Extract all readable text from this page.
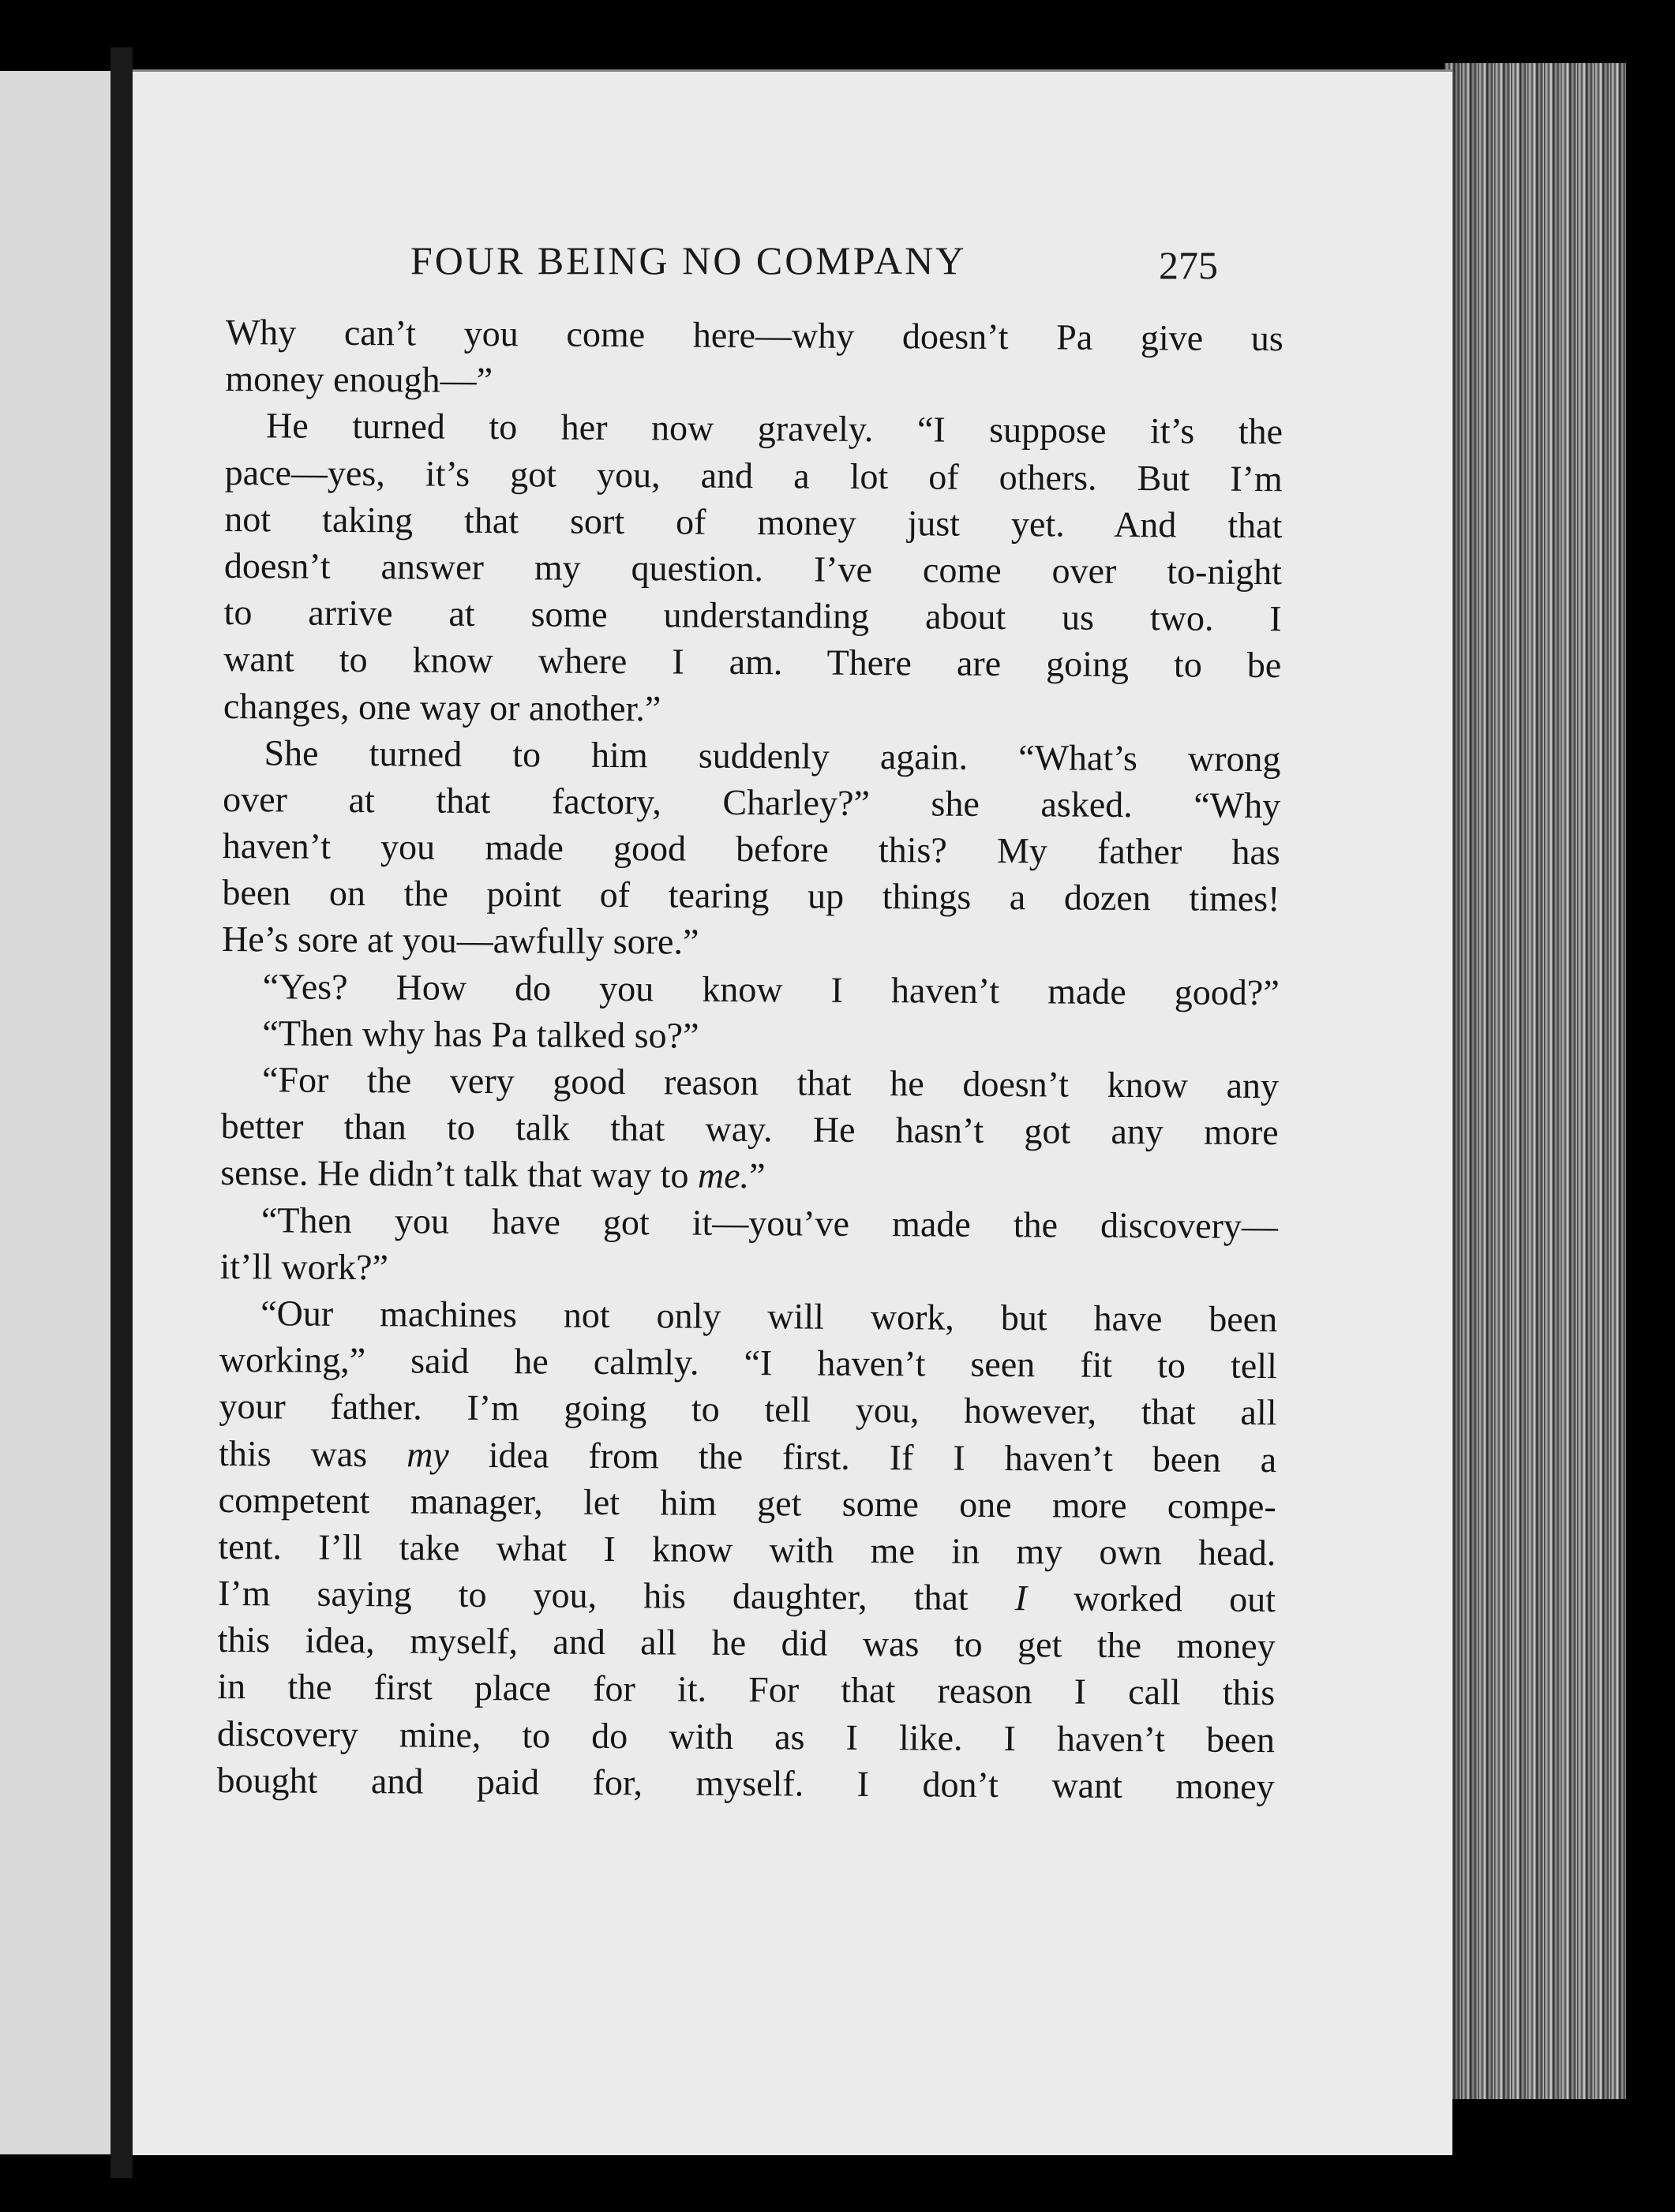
FOUR BEING NO COMPANY	275
Why can’t you come here—why doesn’t Pa give us
money enough—”
He turned to her now gravely. “I suppose it’s the
pace—yes, it’s got you, and a lot of others. But I’m
not taking that sort of money just yet. And that
doesn’t answer my question. I’ve come over to-night
to arrive at some understanding about us two. I
want to know where I am. There are going to be
changes, one way or another.”
She turned to him suddenly again. “What’s wrong
over at that factory, Charley?” she asked. “Why
haven’t you made good before this? My father has
been on the point of tearing up things a dozen times!
He’s sore at you—awfully sore.”
“Yes? How do you know I haven’t made good?”
“Then why has Pa talked so?”
“For the very good reason that he doesn’t know any
better than to talk that way. He hasn’t got any more
sense. He didn’t talk that way to me.”
“Then you have got it—you’ve made the discovery—
it’ll work?”
“Our machines not only will work, but have been
working,” said he calmly. “I haven’t seen fit to tell
your father. I’m going to tell you, however, that all
this was my idea from the first. If I haven’t been a
competent manager, let him get some one more compe-
tent. I’ll take what I know with me in my own head.
I’m saying to you, his daughter, that I worked out
this idea, myself, and all he did was to get the money
in the first place for it. For that reason I call this
discovery mine, to do with as I like. I haven’t been
bought and paid for, myself. I don’t want money
